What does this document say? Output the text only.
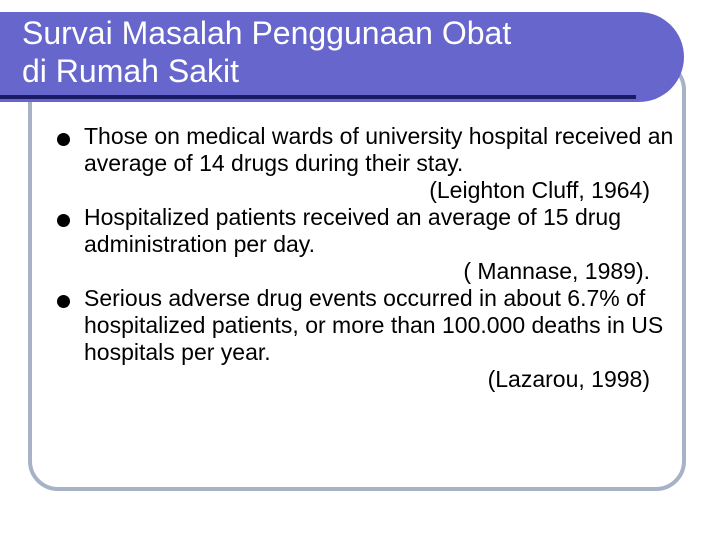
Survai Masalah Penggunaan Obat
di Rumah Sakit
Those on medical wards of university hospital received an average of 14 drugs during their stay.
(Leighton Cluff, 1964)
Hospitalized patients received an average of 15 drug administration per day.
( Mannase, 1989).
Serious adverse drug events occurred in about 6.7% of hospitalized patients, or more than 100.000 deaths in US hospitals per year.
(Lazarou, 1998)
